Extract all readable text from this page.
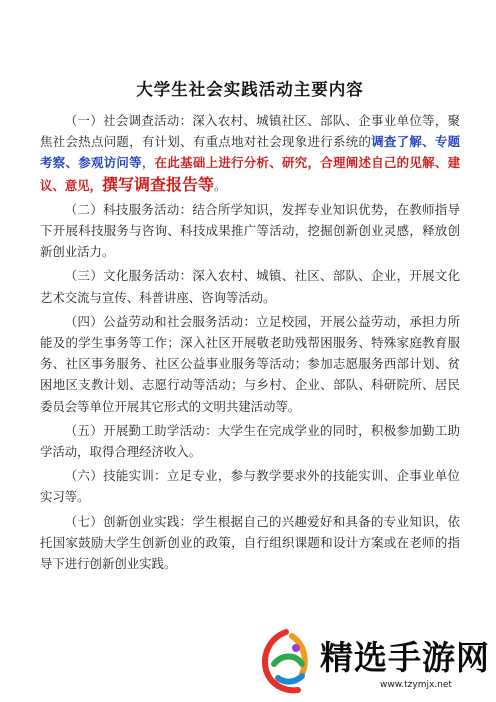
大学生社会实践活动主要内容

（一）社会调查活动：深入农村、城镇社区、部队、企事业单位等，聚焦社会热点问题，有计划、有重点地对社会现象进行系统的调查了解、专题考察、参观访问等，在此基础上进行分析、研究，合理阐述自己的见解、建议、意见，撰写调查报告等。

（二）科技服务活动：结合所学知识，发挥专业知识优势，在教师指导下开展科技服务与咨询、科技成果推广等活动，挖掘创新创业灵感，释放创新创业活力。

（三）文化服务活动：深入农村、城镇、社区、部队、企业，开展文化艺术交流与宣传、科普讲座、咨询等活动。

（四）公益劳动和社会服务活动：立足校园，开展公益劳动，承担力所能及的学生事务等工作；深入社区开展敬老助残帮困服务、特殊家庭教育服务、社区事务服务、社区公益事业服务等活动；参加志愿服务西部计划、贫困地区支教计划、志愿行动等活动；与乡村、企业、部队、科研院所、居民委员会等单位开展其它形式的文明共建活动等。

（五）开展勤工助学活动：大学生在完成学业的同时，积极参加勤工助学活动，取得合理经济收入。

（六）技能实训：立足专业，参与教学要求外的技能实训、企事业单位实习等。

（七）创新创业实践：学生根据自己的兴趣爱好和具备的专业知识，依托国家鼓励大学生创新创业的政策，自行组织课题和设计方案或在老师的指导下进行创新创业实践。

精选手游网
www.tzymjx.net
